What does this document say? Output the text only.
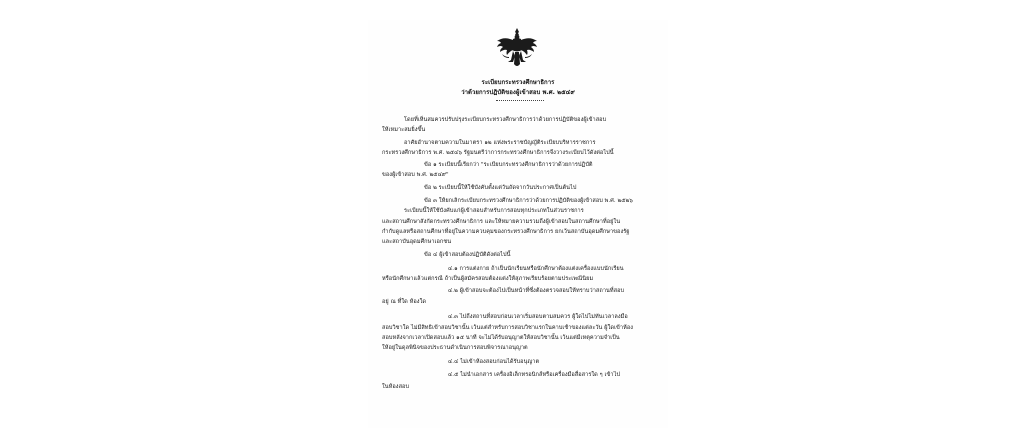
ระเบียบกระทรวงศึกษาธิการ
ว่าด้วยการปฏิบัติของผู้เข้าสอบ พ.ศ. ๒๕๔๙
โดยที่เห็นสมควรปรับปรุงระเบียบกระทรวงศึกษาธิการว่าด้วยการปฏิบัติของผู้เข้าสอบ
ให้เหมาะสมยิ่งขึ้น
อาศัยอำนาจตามความในมาตรา ๑๒ แห่งพระราชบัญญัติระเบียบบริหารราชการ
กระทรวงศึกษาธิการ พ.ศ. ๒๕๔๖ รัฐมนตรีว่าการกระทรวงศึกษาธิการจึงวางระเบียบไว้ดังต่อไปนี้
ข้อ ๑ ระเบียบนี้เรียกว่า "ระเบียบกระทรวงศึกษาธิการว่าด้วยการปฏิบัติ
ของผู้เข้าสอบ พ.ศ. ๒๕๔๙"
ข้อ ๒ ระเบียบนี้ให้ใช้บังคับตั้งแต่วันถัดจากวันประกาศเป็นต้นไป
ข้อ ๓ ให้ยกเลิกระเบียบกระทรวงศึกษาธิการว่าด้วยการปฏิบัติของผู้เข้าสอบ พ.ศ. ๒๕๒๖
ระเบียบนี้ให้ใช้บังคับแก่ผู้เข้าสอบสำหรับการสอบทุกประเภทในส่วนราชการ
และสถานศึกษาสังกัดกระทรวงศึกษาธิการ และให้หมายความรวมถึงผู้เข้าสอบในสถานศึกษาที่อยู่ใน
กำกับดูแลหรือสถานศึกษาที่อยู่ในความควบคุมของกระทรวงศึกษาธิการ ยกเว้นสถาบันอุดมศึกษาของรัฐ
และสถาบันอุดมศึกษาเอกชน
ข้อ ๔ ผู้เข้าสอบต้องปฏิบัติดังต่อไปนี้
๔.๑ การแต่งกาย ถ้าเป็นนักเรียนหรือนักศึกษาต้องแต่งเครื่องแบบนักเรียน
หรือนักศึกษาแล้วแต่กรณี ถ้าเป็นผู้สมัครสอบต้องแต่งให้สุภาพเรียบร้อยตามประเพณีนิยม
๔.๒ ผู้เข้าสอบจะต้องไปเป็นหน้าที่ซึ่งต้องตรวจสอบให้ทราบว่าสถานที่สอบ
อยู่ ณ ที่ใด ห้องใด
๔.๓ ไปถึงสถานที่สอบก่อนเวลาเริ่มสอบตามสมควร ผู้ใดไปไม่ทันเวลาลงมือ
สอบวิชาใด ไม่มีสิทธิเข้าสอบวิชานั้น เว้นแต่สำหรับการสอบวิชาแรกในคาบเช้าของแต่ละวัน ผู้ใดเข้าห้อง
สอบหลังจากเวลาเปิดสอบแล้ว ๑๕ นาที จะไม่ได้รับอนุญาตให้สอบวิชานั้น เว้นแต่มีเหตุความจำเป็น
ให้อยู่ในดุลพินิจของประธานดำเนินการสอบพิจารณาอนุญาต
๔.๔ ไม่เข้าห้องสอบก่อนได้รับอนุญาต
๔.๕ ไม่นำเอกสาร เครื่องอิเล็กทรอนิกส์หรือเครื่องมือสื่อสารใด ๆ เข้าไป
ในห้องสอบ
